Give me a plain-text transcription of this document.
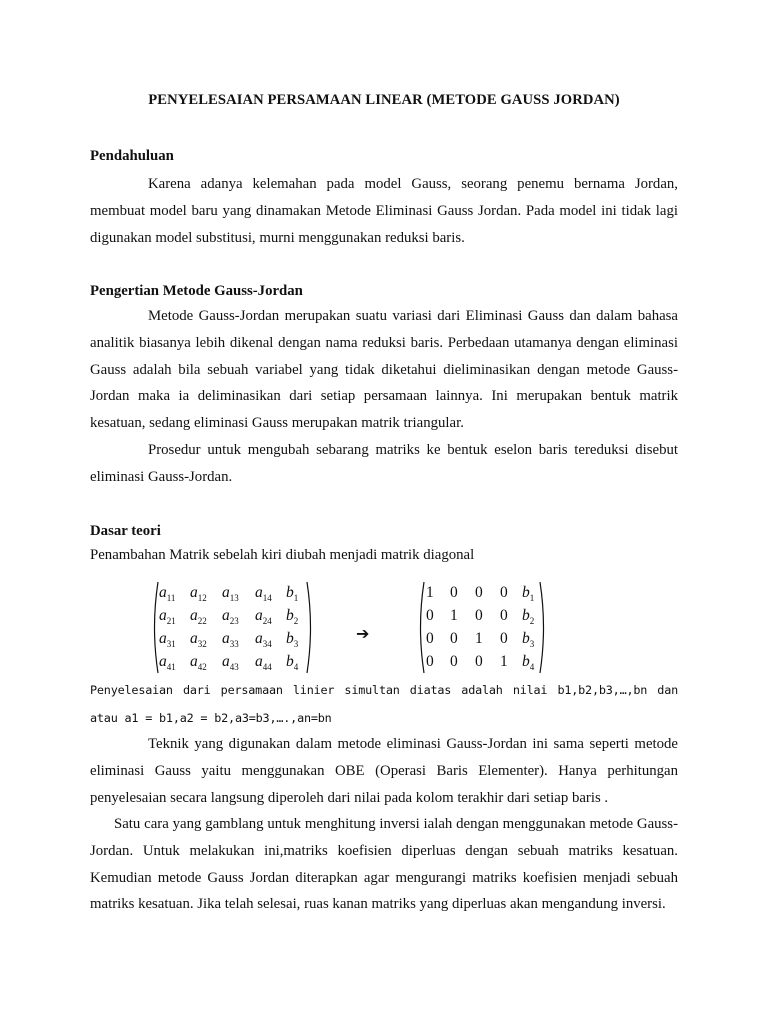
PENYELESAIAN PERSAMAAN LINEAR (METODE GAUSS JORDAN)
Pendahuluan

Karena adanya kelemahan pada model Gauss, seorang penemu bernama Jordan, membuat model baru yang dinamakan Metode Eliminasi Gauss Jordan. Pada model ini tidak lagi digunakan model substitusi, murni menggunakan reduksi baris.

Pengertian Metode Gauss-Jordan

Metode Gauss-Jordan merupakan suatu variasi dari Eliminasi Gauss dan dalam bahasa analitik biasanya lebih dikenal dengan nama reduksi baris. Perbedaan utamanya dengan eliminasi Gauss adalah bila sebuah variabel yang tidak diketahui dieliminasikan dengan metode Gauss-Jordan maka ia deliminasikan dari setiap persamaan lainnya. Ini merupakan bentuk matrik kesatuan, sedang eliminasi Gauss merupakan matrik triangular.

Prosedur untuk mengubah sebarang matriks ke bentuk eselon baris tereduksi disebut eliminasi Gauss-Jordan.

Dasar teori
Penambahan Matrik sebelah kiri diubah menjadi matrik diagonal
$a_{11}$ $a_{12}$ $a_{13}$ $a_{14}$ $b_1$
$a_{21}$ $a_{22}$ $a_{23}$ $a_{24}$ $b_2$
$a_{31}$ $a_{32}$ $a_{33}$ $a_{34}$ $b_3$
$a_{41}$ $a_{42}$ $a_{43}$ $a_{44}$ $b_4$
➔
1 0 0 0 $b_1$
0 1 0 0 $b_2$
0 0 1 0 $b_3$
0 0 0 1 $b_4$

Penyelesaian dari persamaan linier simultan diatas adalah nilai b1,b2,b3,…,bn dan atau a1 = b1,a2 = b2,a3=b3,….,an=bn

Teknik yang digunakan dalam metode eliminasi Gauss-Jordan ini sama seperti metode eliminasi Gauss yaitu menggunakan OBE (Operasi Baris Elementer). Hanya perhitungan penyelesaian secara langsung diperoleh dari nilai pada kolom terakhir dari setiap baris .

Satu cara yang gamblang untuk menghitung inversi ialah dengan menggunakan metode Gauss-Jordan. Untuk melakukan ini,matriks koefisien diperluas dengan sebuah matriks kesatuan. Kemudian metode Gauss Jordan diterapkan agar mengurangi matriks koefisien menjadi sebuah matriks kesatuan. Jika telah selesai, ruas kanan matriks yang diperluas akan mengandung inversi.
